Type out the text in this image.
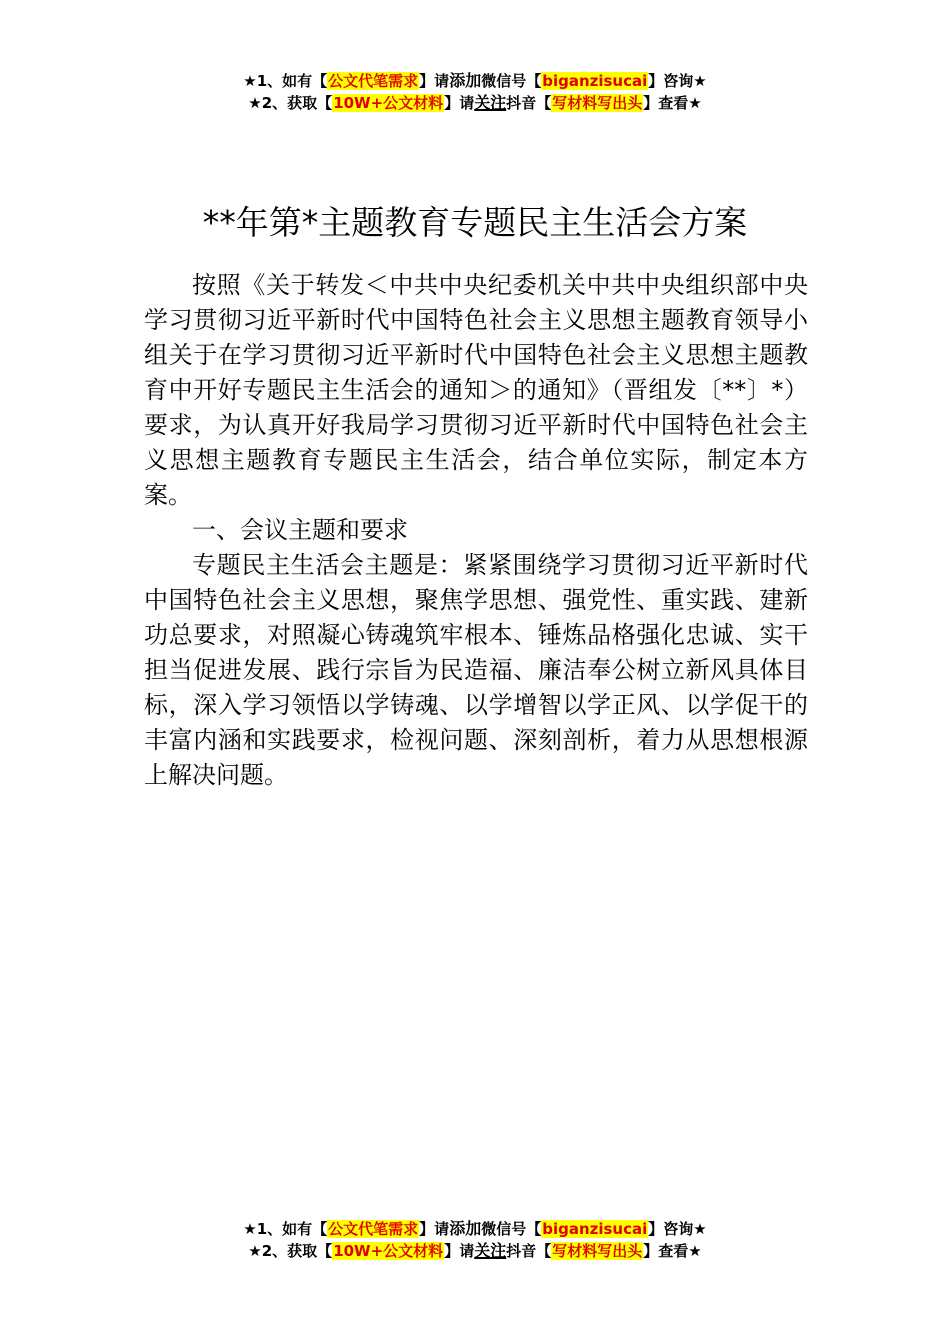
★1、如有【公文代笔需求】请添加微信号【biganzisucai】咨询★
★2、获取【10W+公文材料】请关注抖音【写材料写出头】查看★
**年第*主题教育专题民主生活会方案

按照《关于转发＜中共中央纪委机关中共中央组织部中央学习贯彻习近平新时代中国特色社会主义思想主题教育领导小组关于在学习贯彻习近平新时代中国特色社会主义思想主题教育中开好专题民主生活会的通知＞的通知》（晋组发〔**〕*）要求，为认真开好我局学习贯彻习近平新时代中国特色社会主义思想主题教育专题民主生活会，结合单位实际，制定本方案。

一、会议主题和要求

专题民主生活会主题是：紧紧围绕学习贯彻习近平新时代中国特色社会主义思想，聚焦学思想、强党性、重实践、建新功总要求，对照凝心铸魂筑牢根本、锤炼品格强化忠诚、实干担当促进发展、践行宗旨为民造福、廉洁奉公树立新风具体目标，深入学习领悟以学铸魂、以学增智以学正风、以学促干的丰富内涵和实践要求，检视问题、深刻剖析，着力从思想根源上解决问题。

★1、如有【公文代笔需求】请添加微信号【biganzisucai】咨询★
★2、获取【10W+公文材料】请关注抖音【写材料写出头】查看★
